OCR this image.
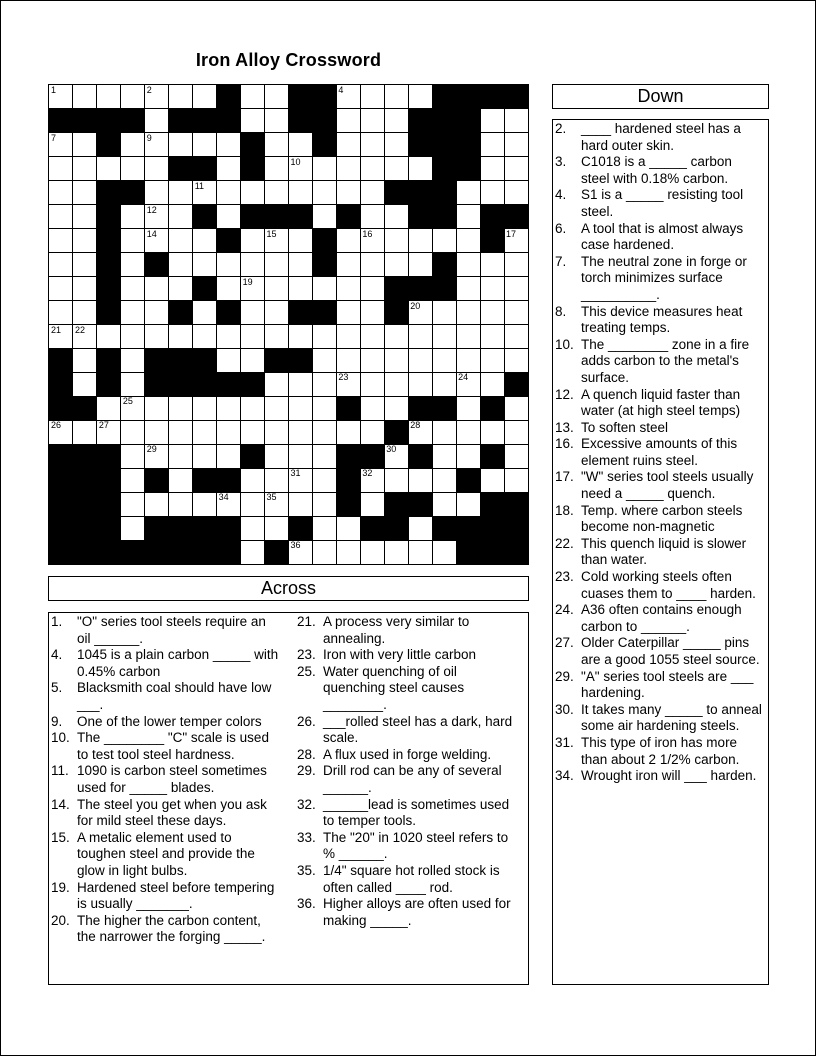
Iron Alloy Crossword
1	2	4
7	9
10
11
12
14	15	16	17
19
20
21 22
23	24
25
26	27	28
29	30
31	32
34	35
36
Across
1. "O" series tool steels require an oil ______.
4. 1045 is a plain carbon _____ with 0.45% carbon
5. Blacksmith coal should have low ___.
9. One of the lower temper colors
10. The ________ "C" scale is used to test tool steel hardness.
11. 1090 is carbon steel sometimes used for _____ blades.
14. The steel you get when you ask for mild steel these days.
15. A metalic element used to toughen steel and provide the glow in light bulbs.
19. Hardened steel before tempering is usually _______.
20. The higher the carbon content, the narrower the forging _____.
21. A process very similar to annealing.
23. Iron with very little carbon
25. Water quenching of oil quenching steel causes ________.
26. ___rolled steel has a dark, hard scale.
28. A flux used in forge welding.
29. Drill rod can be any of several ______.
32. ______lead is sometimes used to temper tools.
33. The "20" in 1020 steel refers to % ______.
35. 1/4" square hot rolled stock is often called ____ rod.
36. Higher alloys are often used for making _____.
Down
2. ____ hardened steel has a hard outer skin.
3. C1018 is a _____ carbon steel with 0.18% carbon.
4. S1 is a _____ resisting tool steel.
6. A tool that is almost always case hardened.
7. The neutral zone in forge or torch minimizes surface __________.
8. This device measures heat treating temps.
10. The ________ zone in a fire adds carbon to the metal's surface.
12. A quench liquid faster than water (at high steel temps)
13. To soften steel
16. Excessive amounts of this element ruins steel.
17. "W" series tool steels usually need a _____ quench.
18. Temp. where carbon steels become non-magnetic
22. This quench liquid is slower than water.
23. Cold working steels often cuases them to ____ harden.
24. A36 often contains enough carbon to ______.
27. Older Caterpillar _____ pins are a good 1055 steel source.
29. "A" series tool steels are ___ hardening.
30. It takes many _____ to anneal some air hardening steels.
31. This type of iron has more than about 2 1/2% carbon.
34. Wrought iron will ___ harden.
